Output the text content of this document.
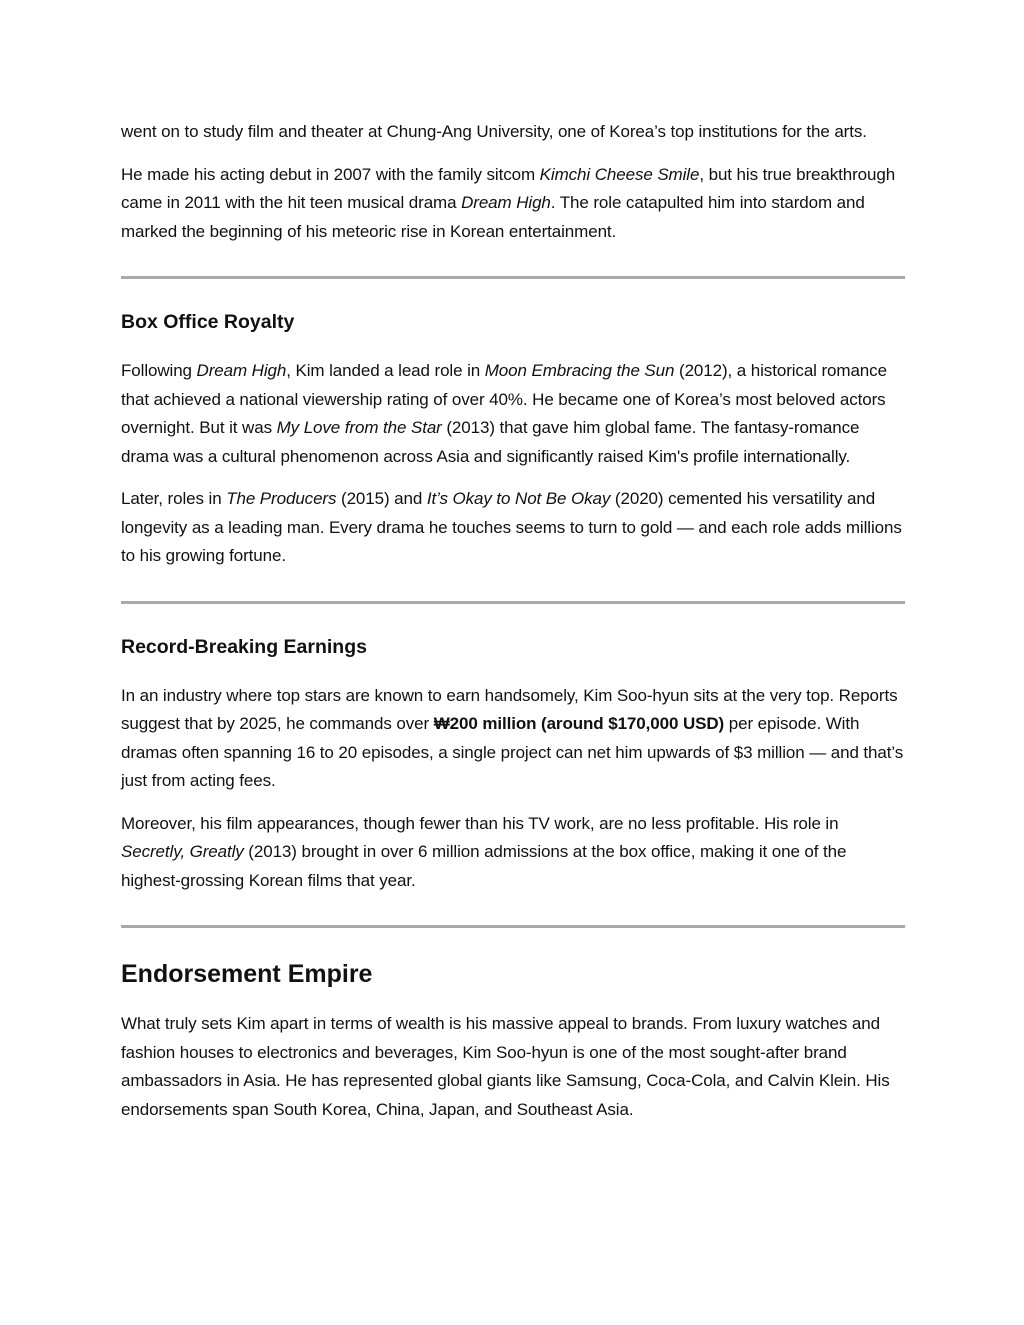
went on to study film and theater at Chung-Ang University, one of Korea’s top institutions for the arts.

He made his acting debut in 2007 with the family sitcom Kimchi Cheese Smile, but his true breakthrough came in 2011 with the hit teen musical drama Dream High. The role catapulted him into stardom and marked the beginning of his meteoric rise in Korean entertainment.

Box Office Royalty

Following Dream High, Kim landed a lead role in Moon Embracing the Sun (2012), a historical romance that achieved a national viewership rating of over 40%. He became one of Korea’s most beloved actors overnight. But it was My Love from the Star (2013) that gave him global fame. The fantasy-romance drama was a cultural phenomenon across Asia and significantly raised Kim's profile internationally.

Later, roles in The Producers (2015) and It’s Okay to Not Be Okay (2020) cemented his versatility and longevity as a leading man. Every drama he touches seems to turn to gold — and each role adds millions to his growing fortune.

Record-Breaking Earnings

In an industry where top stars are known to earn handsomely, Kim Soo-hyun sits at the very top. Reports suggest that by 2025, he commands over ₩200 million (around $170,000 USD) per episode. With dramas often spanning 16 to 20 episodes, a single project can net him upwards of $3 million — and that’s just from acting fees.

Moreover, his film appearances, though fewer than his TV work, are no less profitable. His role in Secretly, Greatly (2013) brought in over 6 million admissions at the box office, making it one of the highest-grossing Korean films that year.

Endorsement Empire

What truly sets Kim apart in terms of wealth is his massive appeal to brands. From luxury watches and fashion houses to electronics and beverages, Kim Soo-hyun is one of the most sought-after brand ambassadors in Asia. He has represented global giants like Samsung, Coca-Cola, and Calvin Klein. His endorsements span South Korea, China, Japan, and Southeast Asia.
